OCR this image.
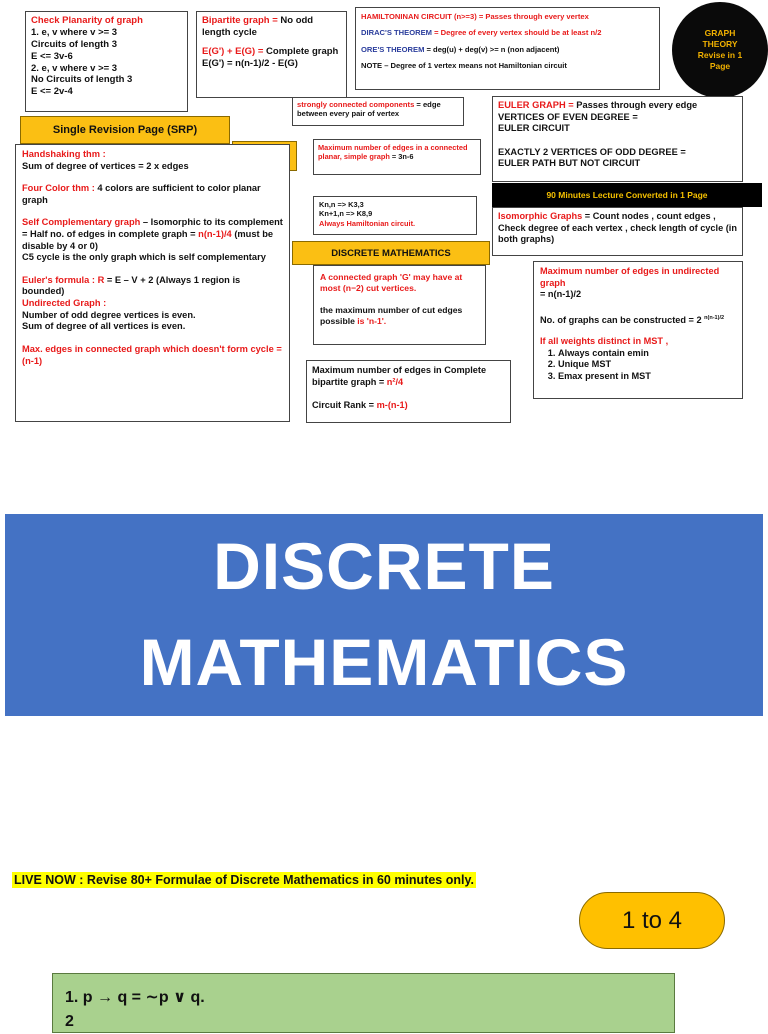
Check Planarity of graph
1. e, v where v >= 3
Circuits of length 3
E <= 3v-6
2. e, v where v >= 3
No Circuits of length 3
E <= 2v-4
Bipartite graph = No odd length cycle
E(G') + E(G) = Complete graph
E(G') = n(n-1)/2 - E(G)
HAMILTONINAN CIRCUIT (n>=3) = Passes through every vertex
DIRAC'S THEOREM = Degree of every vertex should be at least n/2
ORE'S THEOREM = deg(u) + deg(v) >= n (non adjacent)
NOTE – Degree of 1 vertex means not Hamiltonian circuit
GRAPH
THEORY
Revise in 1
Page
strongly connected components = edge between every pair of vertex
EULER GRAPH = Passes through every edge
VERTICES OF EVEN DEGREE =
EULER CIRCUIT
EXACTLY 2 VERTICES OF ODD DEGREE =
EULER PATH BUT NOT CIRCUIT
Single Revision Page (SRP)
Maximum number of edges in a connected planar, simple graph = 3n-6
90 Minutes Lecture Converted in 1 Page
Handshaking thm :
Sum of degree of vertices = 2 x edges
Four Color thm : 4 colors are sufficient to color planar graph
Self Complementary graph – Isomorphic to its complement
= Half no. of edges in complete graph = n(n-1)/4 (must be disable by 4 or 0)
C5 cycle is the only graph which is self complementary
Euler's formula : R = E – V + 2 (Always 1 region is bounded)
Undirected Graph :
Number of odd degree vertices is even.
Sum of degree of all vertices is even.
Max. edges in connected graph which doesn't form cycle = (n-1)
Kn,n => K3,3
Kn+1,n => K8,9
Always Hamiltonian circuit.
Isomorphic Graphs = Count nodes , count edges , Check degree of each vertex , check length of cycle (in both graphs)
DISCRETE MATHEMATICS
A connected graph 'G' may have at most (n−2) cut vertices.
the maximum number of cut edges possible is 'n-1'.
Maximum number of edges in undirected graph
= n(n-1)/2
No. of graphs can be constructed = 2 $^{n(n-1)/2}$
If all weights distinct in MST ,
1. Always contain emin
2. Unique MST
3. Emax present in MST
Maximum number of edges in Complete bipartite graph = n²/4
Circuit Rank = m-(n-1)
DISCRETE
MATHEMATICS
LIVE NOW : Revise 80+ Formulae of Discrete Mathematics in 60 minutes only.
1 to 4
1. p → q = ∼p ∨ q.
2
